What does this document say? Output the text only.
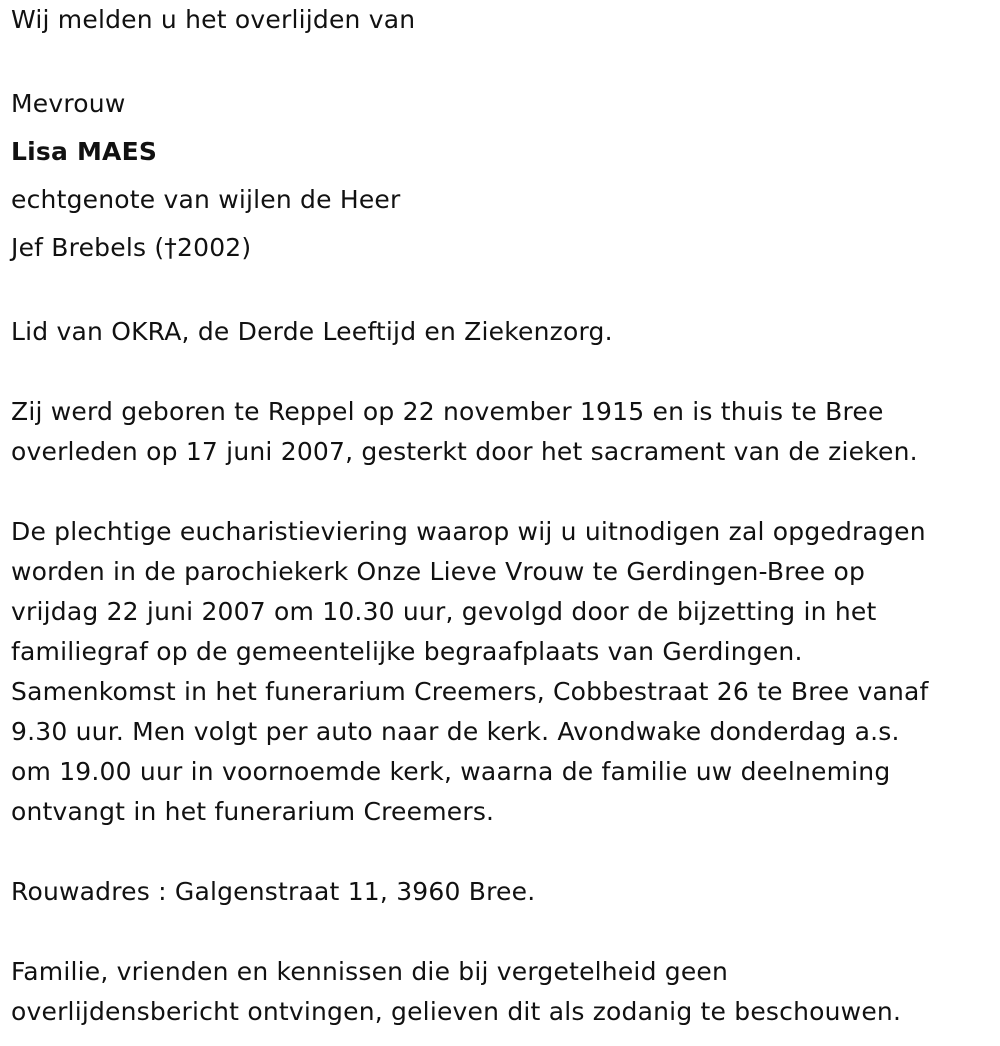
Wij melden u het overlijden van
Mevrouw
Lisa MAES
echtgenote van wijlen de Heer
Jef Brebels (†2002)
Lid van OKRA, de Derde Leeftijd en Ziekenzorg.
Zij werd geboren te Reppel op 22 november 1915 en is thuis te Bree
overleden op 17 juni 2007, gesterkt door het sacrament van de zieken.
De plechtige eucharistieviering waarop wij u uitnodigen zal opgedragen
worden in de parochiekerk Onze Lieve Vrouw te Gerdingen-Bree op
vrijdag 22 juni 2007 om 10.30 uur, gevolgd door de bijzetting in het
familiegraf op de gemeentelijke begraafplaats van Gerdingen.
Samenkomst in het funerarium Creemers, Cobbestraat 26 te Bree vanaf
9.30 uur. Men volgt per auto naar de kerk. Avondwake donderdag a.s.
om 19.00 uur in voornoemde kerk, waarna de familie uw deelneming
ontvangt in het funerarium Creemers.
Rouwadres : Galgenstraat 11, 3960 Bree.
Familie, vrienden en kennissen die bij vergetelheid geen
overlijdensbericht ontvingen, gelieven dit als zodanig te beschouwen.
